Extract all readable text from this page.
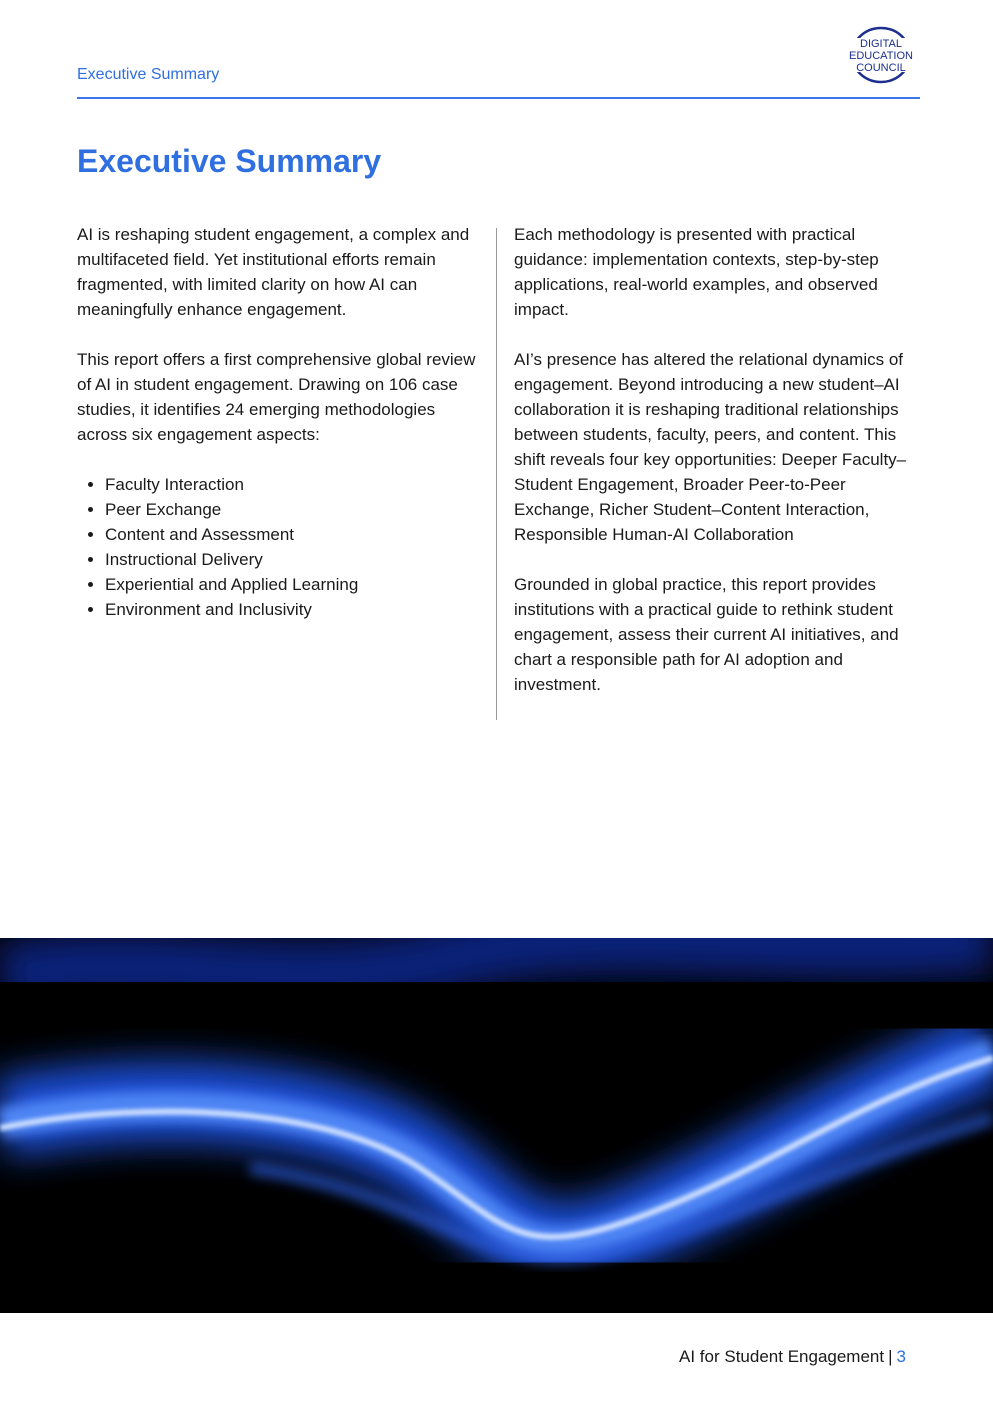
Executive Summary
DIGITAL
EDUCATION
COUNCIL
Executive Summary

AI is reshaping student engagement, a complex and multifaceted field. Yet institutional efforts remain fragmented, with limited clarity on how AI can meaningfully enhance engagement.

This report offers a first comprehensive global review of AI in student engagement. Drawing on 106 case studies, it identifies 24 emerging methodologies across six engagement aspects:

• Faculty Interaction
• Peer Exchange
• Content and Assessment
• Instructional Delivery
• Experiential and Applied Learning
• Environment and Inclusivity

Each methodology is presented with practical guidance: implementation contexts, step-by-step applications, real-world examples, and observed impact.

AI’s presence has altered the relational dynamics of engagement. Beyond introducing a new student–AI collaboration it is reshaping traditional relationships between students, faculty, peers, and content. This shift reveals four key opportunities: Deeper Faculty–Student Engagement, Broader Peer-to-Peer Exchange, Richer Student–Content Interaction, Responsible Human-AI Collaboration

Grounded in global practice, this report provides institutions with a practical guide to rethink student engagement, assess their current AI initiatives, and chart a responsible path for AI adoption and investment.

AI for Student Engagement | 3
